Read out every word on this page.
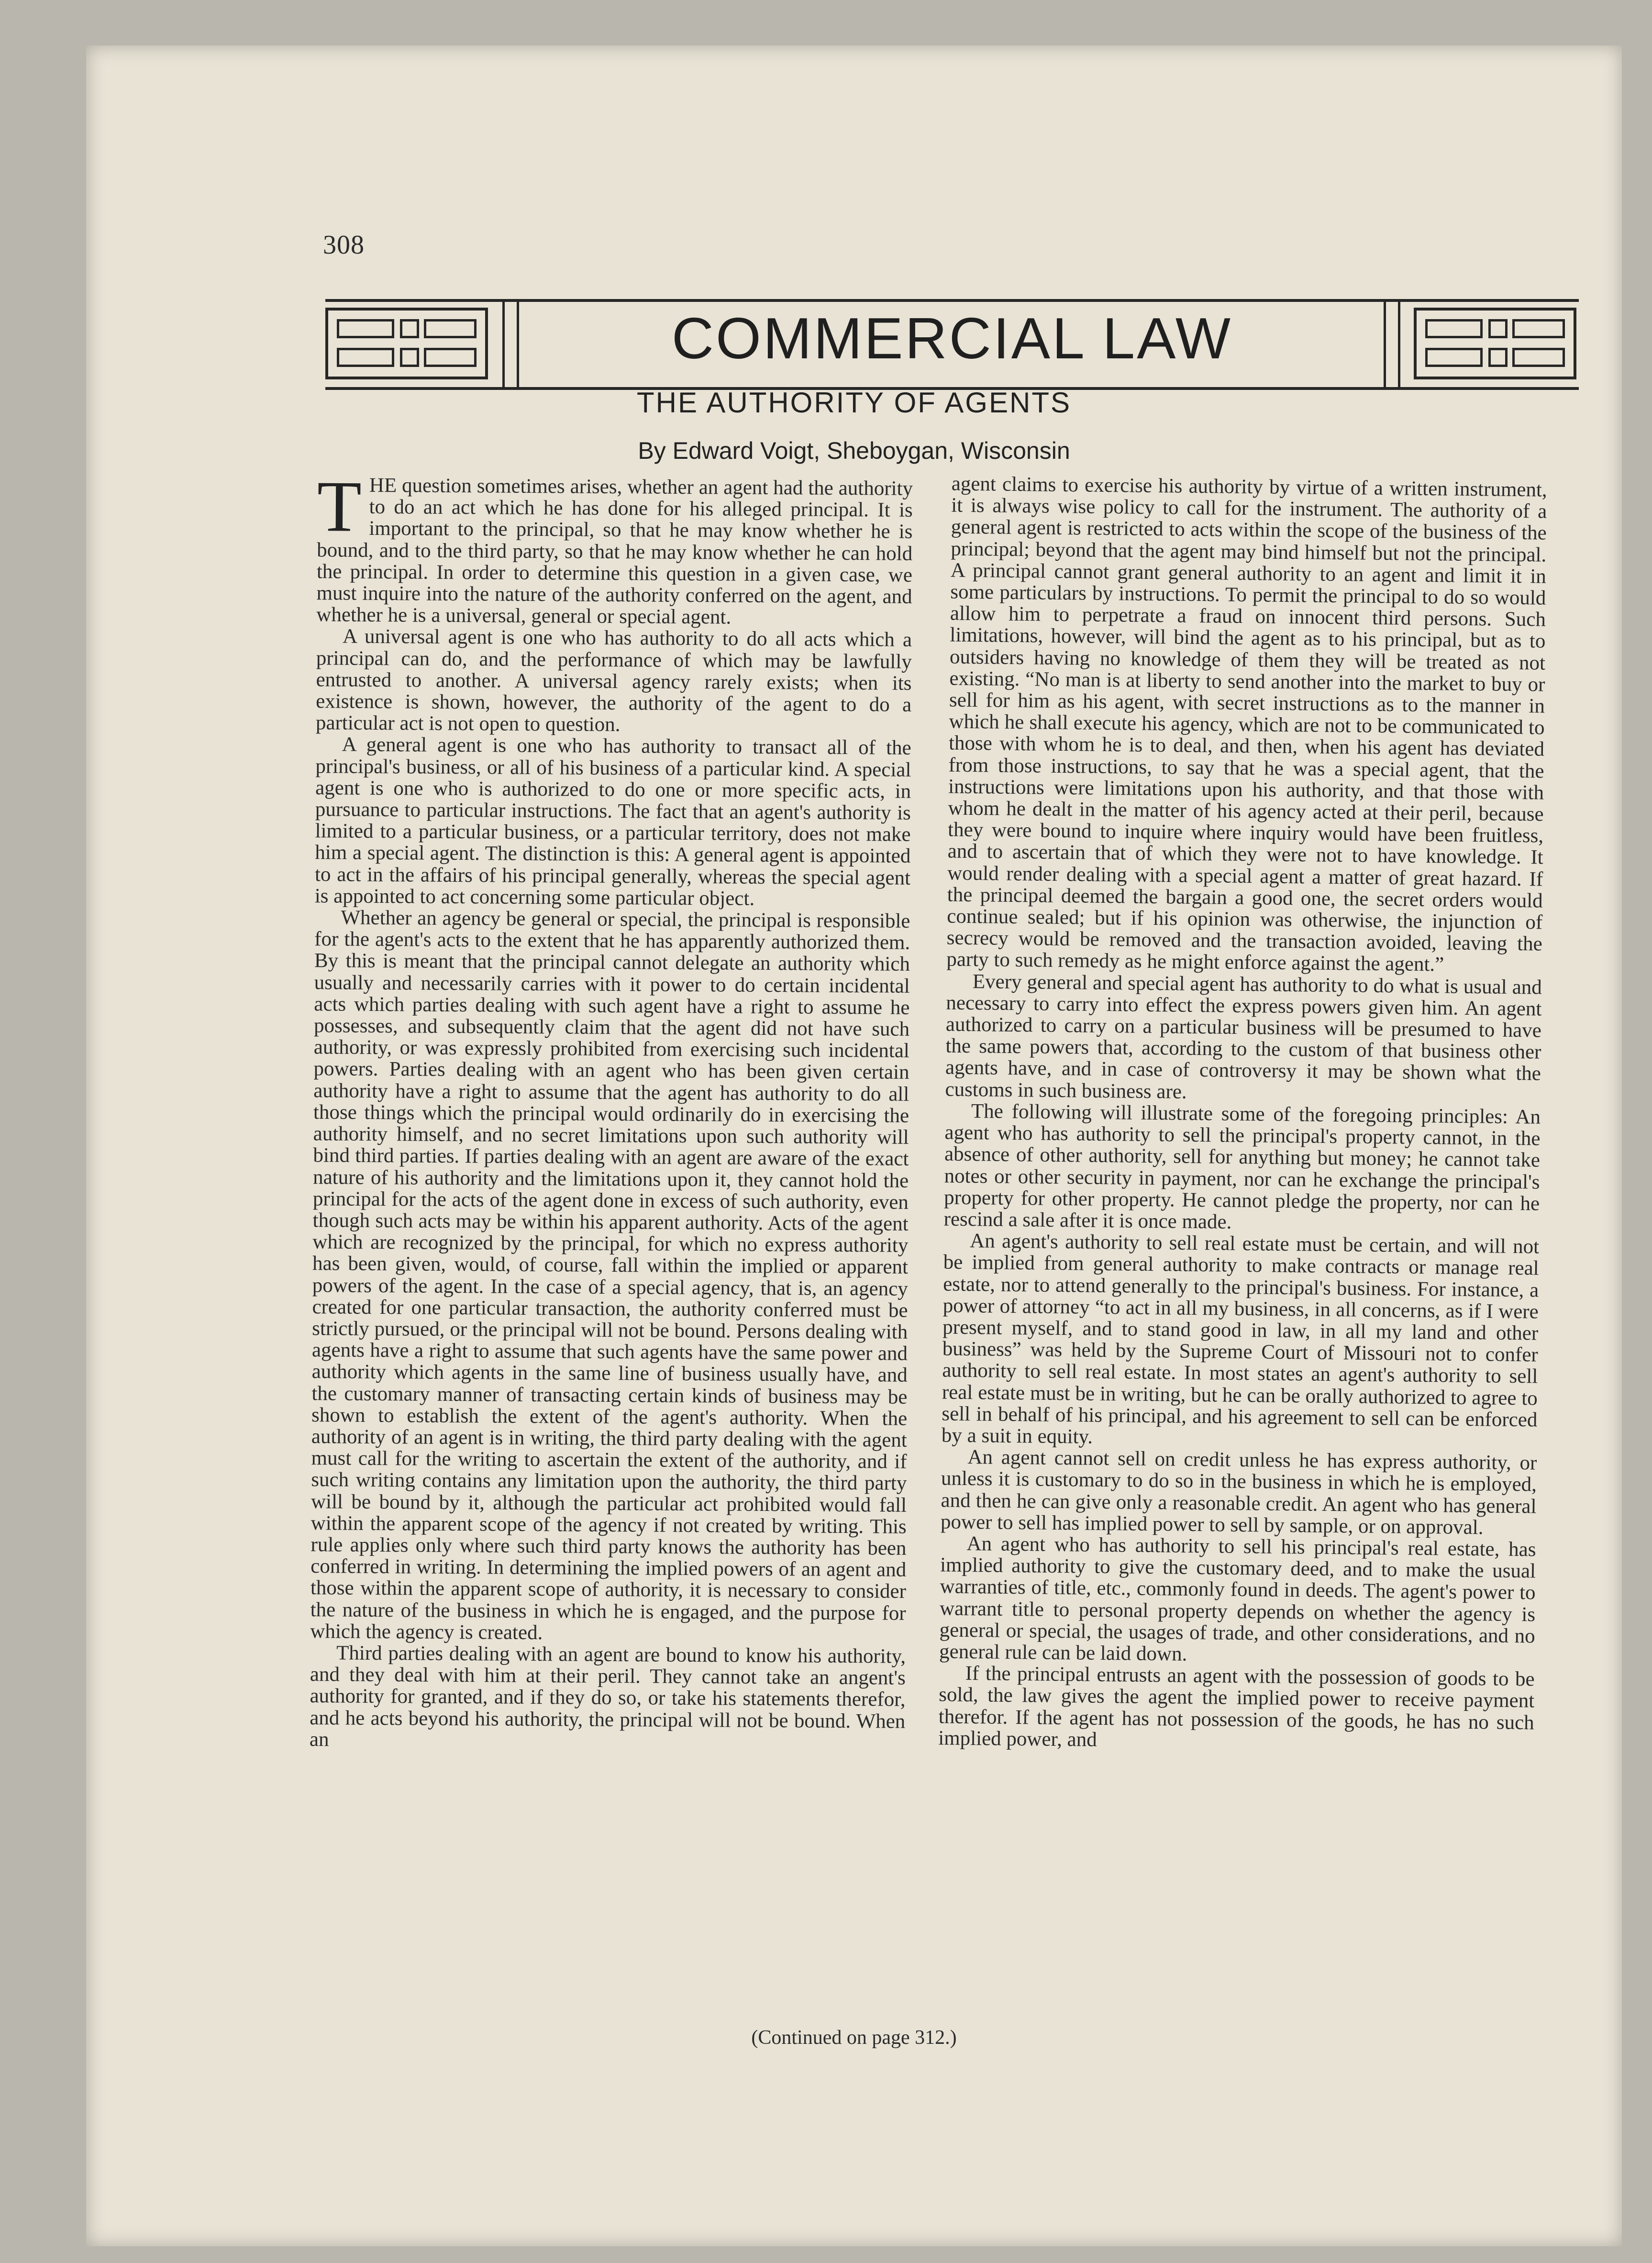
308
COMMERCIAL LAW
THE AUTHORITY OF AGENTS
By Edward Voigt, Sheboygan, Wisconsin

THE question sometimes arises, whether an agent had the authority to do an act which he has done for his alleged principal. It is important to the principal, so that he may know whether he is bound, and to the third party, so that he may know whether he can hold the principal. In order to determine this question in a given case, we must inquire into the nature of the authority conferred on the agent, and whether he is a universal, general or special agent.

A universal agent is one who has authority to do all acts which a principal can do, and the performance of which may be lawfully entrusted to another. A universal agency rarely exists; when its existence is shown, however, the authority of the agent to do a particular act is not open to question.

A general agent is one who has authority to transact all of the principal's business, or all of his business of a particular kind. A special agent is one who is authorized to do one or more specific acts, in pursuance to particular instructions. The fact that an agent's authority is limited to a particular business, or a particular territory, does not make him a special agent. The distinction is this: A general agent is appointed to act in the affairs of his principal generally, whereas the special agent is appointed to act concerning some particular object.

Whether an agency be general or special, the principal is responsible for the agent's acts to the extent that he has apparently authorized them. By this is meant that the principal cannot delegate an authority which usually and necessarily carries with it power to do certain incidental acts which parties dealing with such agent have a right to assume he possesses, and subsequently claim that the agent did not have such authority, or was expressly prohibited from exercising such incidental powers. Parties dealing with an agent who has been given certain authority have a right to assume that the agent has authority to do all those things which the principal would ordinarily do in exercising the authority himself, and no secret limitations upon such authority will bind third parties. If parties dealing with an agent are aware of the exact nature of his authority and the limitations upon it, they cannot hold the principal for the acts of the agent done in excess of such authority, even though such acts may be within his apparent authority. Acts of the agent which are recognized by the principal, for which no express authority has been given, would, of course, fall within the implied or apparent powers of the agent. In the case of a special agency, that is, an agency created for one particular transaction, the authority conferred must be strictly pursued, or the principal will not be bound. Persons dealing with agents have a right to assume that such agents have the same power and authority which agents in the same line of business usually have, and the customary manner of transacting certain kinds of business may be shown to establish the extent of the agent's authority. When the authority of an agent is in writing, the third party dealing with the agent must call for the writing to ascertain the extent of the authority, and if such writing contains any limitation upon the authority, the third party will be bound by it, although the particular act prohibited would fall within the apparent scope of the agency if not created by writing. This rule applies only where such third party knows the authority has been conferred in writing. In determining the implied powers of an agent and those within the apparent scope of authority, it is necessary to consider the nature of the business in which he is engaged, and the purpose for which the agency is created.

Third parties dealing with an agent are bound to know his authority, and they deal with him at their peril. They cannot take an angent's authority for granted, and if they do so, or take his statements therefor, and he acts beyond his authority, the principal will not be bound. When an

agent claims to exercise his authority by virtue of a written instrument, it is always wise policy to call for the instrument. The authority of a general agent is restricted to acts within the scope of the business of the principal; beyond that the agent may bind himself but not the principal. A principal cannot grant general authority to an agent and limit it in some particulars by instructions. To permit the principal to do so would allow him to perpetrate a fraud on innocent third persons. Such limitations, however, will bind the agent as to his principal, but as to outsiders having no knowledge of them they will be treated as not existing. “No man is at liberty to send another into the market to buy or sell for him as his agent, with secret instructions as to the manner in which he shall execute his agency, which are not to be communicated to those with whom he is to deal, and then, when his agent has deviated from those instructions, to say that he was a special agent, that the instructions were limitations upon his authority, and that those with whom he dealt in the matter of his agency acted at their peril, because they were bound to inquire where inquiry would have been fruitless, and to ascertain that of which they were not to have knowledge. It would render dealing with a special agent a matter of great hazard. If the principal deemed the bargain a good one, the secret orders would continue sealed; but if his opinion was otherwise, the injunction of secrecy would be removed and the transaction avoided, leaving the party to such remedy as he might enforce against the agent.”

Every general and special agent has authority to do what is usual and necessary to carry into effect the express powers given him. An agent authorized to carry on a particular business will be presumed to have the same powers that, according to the custom of that business other agents have, and in case of controversy it may be shown what the customs in such business are.

The following will illustrate some of the foregoing principles: An agent who has authority to sell the principal's property cannot, in the absence of other authority, sell for anything but money; he cannot take notes or other security in payment, nor can he exchange the principal's property for other property. He cannot pledge the property, nor can he rescind a sale after it is once made.

An agent's authority to sell real estate must be certain, and will not be implied from general authority to make contracts or manage real estate, nor to attend generally to the principal's business. For instance, a power of attorney “to act in all my business, in all concerns, as if I were present myself, and to stand good in law, in all my land and other business” was held by the Supreme Court of Missouri not to confer authority to sell real estate. In most states an agent's authority to sell real estate must be in writing, but he can be orally authorized to agree to sell in behalf of his principal, and his agreement to sell can be enforced by a suit in equity.

An agent cannot sell on credit unless he has express authority, or unless it is customary to do so in the business in which he is employed, and then he can give only a reasonable credit. An agent who has general power to sell has implied power to sell by sample, or on approval.

An agent who has authority to sell his principal's real estate, has implied authority to give the customary deed, and to make the usual warranties of title, etc., commonly found in deeds. The agent's power to warrant title to personal property depends on whether the agency is general or special, the usages of trade, and other considerations, and no general rule can be laid down.

If the principal entrusts an agent with the possession of goods to be sold, the law gives the agent the implied power to receive payment therefor. If the agent has not possession of the goods, he has no such implied power, and

(Continued on page 312.)
